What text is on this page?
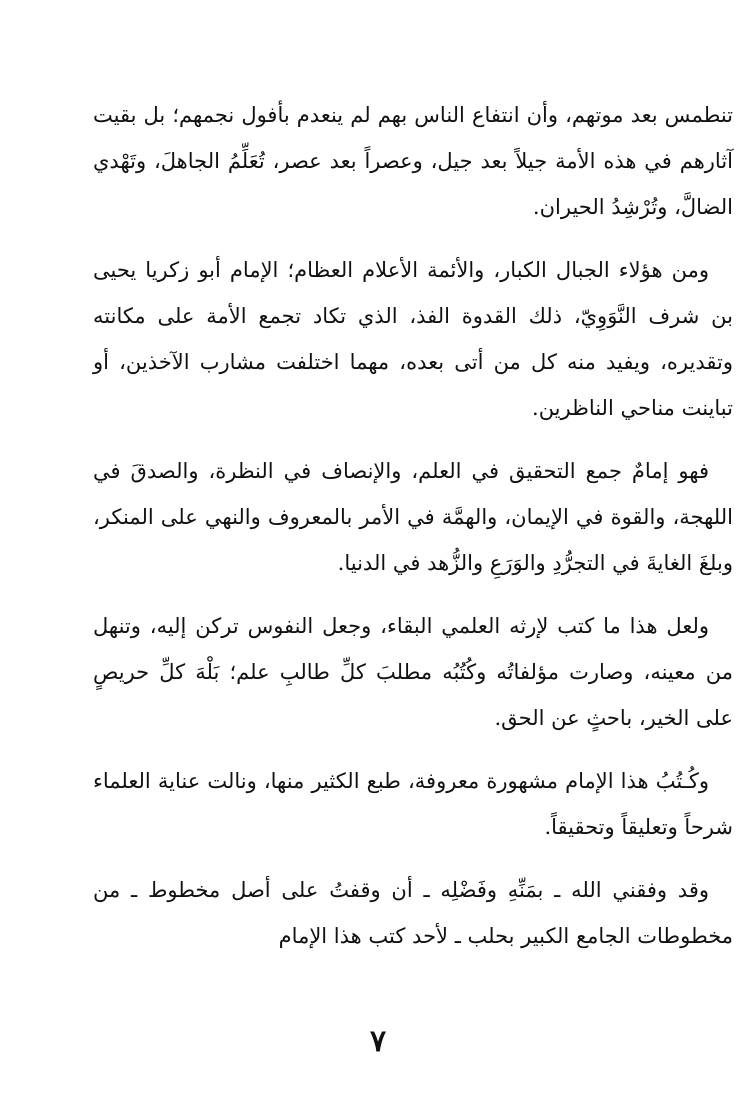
تنطمس بعد موتهم، وأن انتفاع الناس بهم لم ينعدم بأفول نجمهم؛ بل بقيت آثارهم في هذه الأمة جيلاً بعد جيل، وعصراً بعد عصر، تُعَلِّمُ الجاهلَ، وتَهْدي الضالَّ، وتُرْشِدُ الحيران.

ومن هؤلاء الجبال الكبار، والأئمة الأعلام العظام؛ الإمام أبو زكريا يحيى بن شرف النَّوَوِيّ، ذلك القدوة الفذ، الذي تكاد تجمع الأمة على مكانته وتقديره، ويفيد منه كل من أتى بعده، مهما اختلفت مشارب الآخذين، أو تباينت مناحي الناظرين.

فهو إمامٌ جمع التحقيق في العلم، والإنصاف في النظرة، والصدقَ في اللهجة، والقوة في الإيمان، والهمَّة في الأمر بالمعروف والنهي على المنكر، وبلغَ الغايةَ في التجرُّدِ والوَرَعِ والزُّهد في الدنيا.

ولعل هذا ما كتب لإرثه العلمي البقاء، وجعل النفوس تركن إليه، وتنهل من معينه، وصارت مؤلفاتُه وكُتُبُه مطلبَ كلِّ طالبِ علم؛ بَلْهَ كلِّ حريصٍ على الخير، باحثٍ عن الحق.

وكُـتُبُ هذا الإمام مشهورة معروفة، طبع الكثير منها، ونالت عناية العلماء شرحاً وتعليقاً وتحقيقاً.

وقد وفقني الله ـ بمَنِّهِ وفَضْلِه ـ أن وقفتُ على أصل مخطوط ـ من مخطوطات الجامع الكبير بحلب ـ لأحد كتب هذا الإمام

٧
